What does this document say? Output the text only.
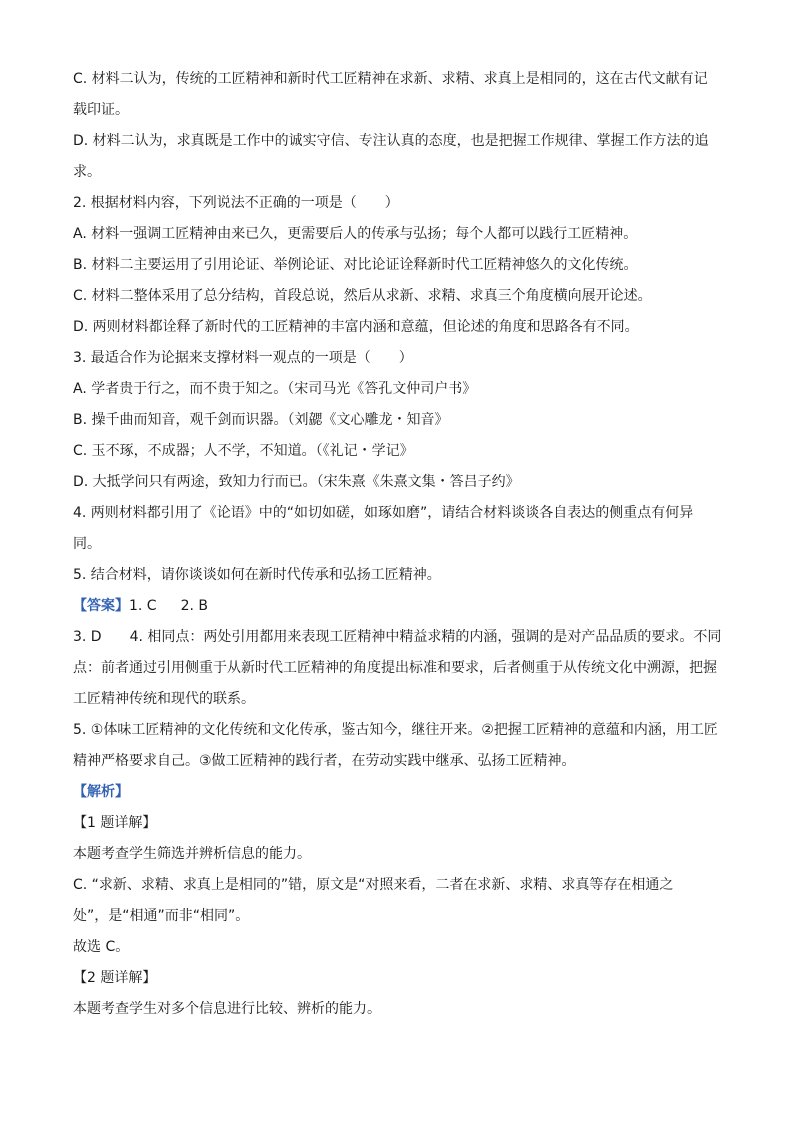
C. 材料二认为，传统的工匠精神和新时代工匠精神在求新、求精、求真上是相同的，这在古代文献有记
载印证。
D. 材料二认为，求真既是工作中的诚实守信、专注认真的态度，也是把握工作规律、掌握工作方法的追
求。
2. 根据材料内容，下列说法不正确的一项是（　　）
A. 材料一强调工匠精神由来已久，更需要后人的传承与弘扬；每个人都可以践行工匠精神。
B. 材料二主要运用了引用论证、举例论证、对比论证诠释新时代工匠精神悠久的文化传统。
C. 材料二整体采用了总分结构，首段总说，然后从求新、求精、求真三个角度横向展开论述。
D. 两则材料都诠释了新时代的工匠精神的丰富内涵和意蕴，但论述的角度和思路各有不同。
3. 最适合作为论据来支撑材料一观点的一项是（　　）
A. 学者贵于行之，而不贵于知之。（宋司马光《答孔文仲司户书》
B. 操千曲而知音，观千剑而识器。（刘勰《文心雕龙・知音》
C. 玉不琢，不成器；人不学，不知道。（《礼记・学记》
D. 大抵学问只有两途，致知力行而已。（宋朱熹《朱熹文集・答吕子约》
4. 两则材料都引用了《论语》中的“如切如磋，如琢如磨”，请结合材料谈谈各自表达的侧重点有何异
同。
5. 结合材料，请你谈谈如何在新时代传承和弘扬工匠精神。
【答案】1. C 2. B
3. D　　4. 相同点：两处引用都用来表现工匠精神中精益求精的内涵，强调的是对产品品质的要求。不同
点：前者通过引用侧重于从新时代工匠精神的角度提出标准和要求，后者侧重于从传统文化中溯源，把握
工匠精神传统和现代的联系。
5. ①体味工匠精神的文化传统和文化传承，鉴古知今，继往开来。②把握工匠精神的意蕴和内涵，用工匠
精神严格要求自己。③做工匠精神的践行者，在劳动实践中继承、弘扬工匠精神。
【解析】
【1 题详解】
本题考查学生筛选并辨析信息的能力。
C. “求新、求精、求真上是相同的”错，原文是“对照来看，二者在求新、求精、求真等存在相通之
处”，是“相通”而非“相同”。
故选 C。
【2 题详解】
本题考查学生对多个信息进行比较、辨析的能力。
